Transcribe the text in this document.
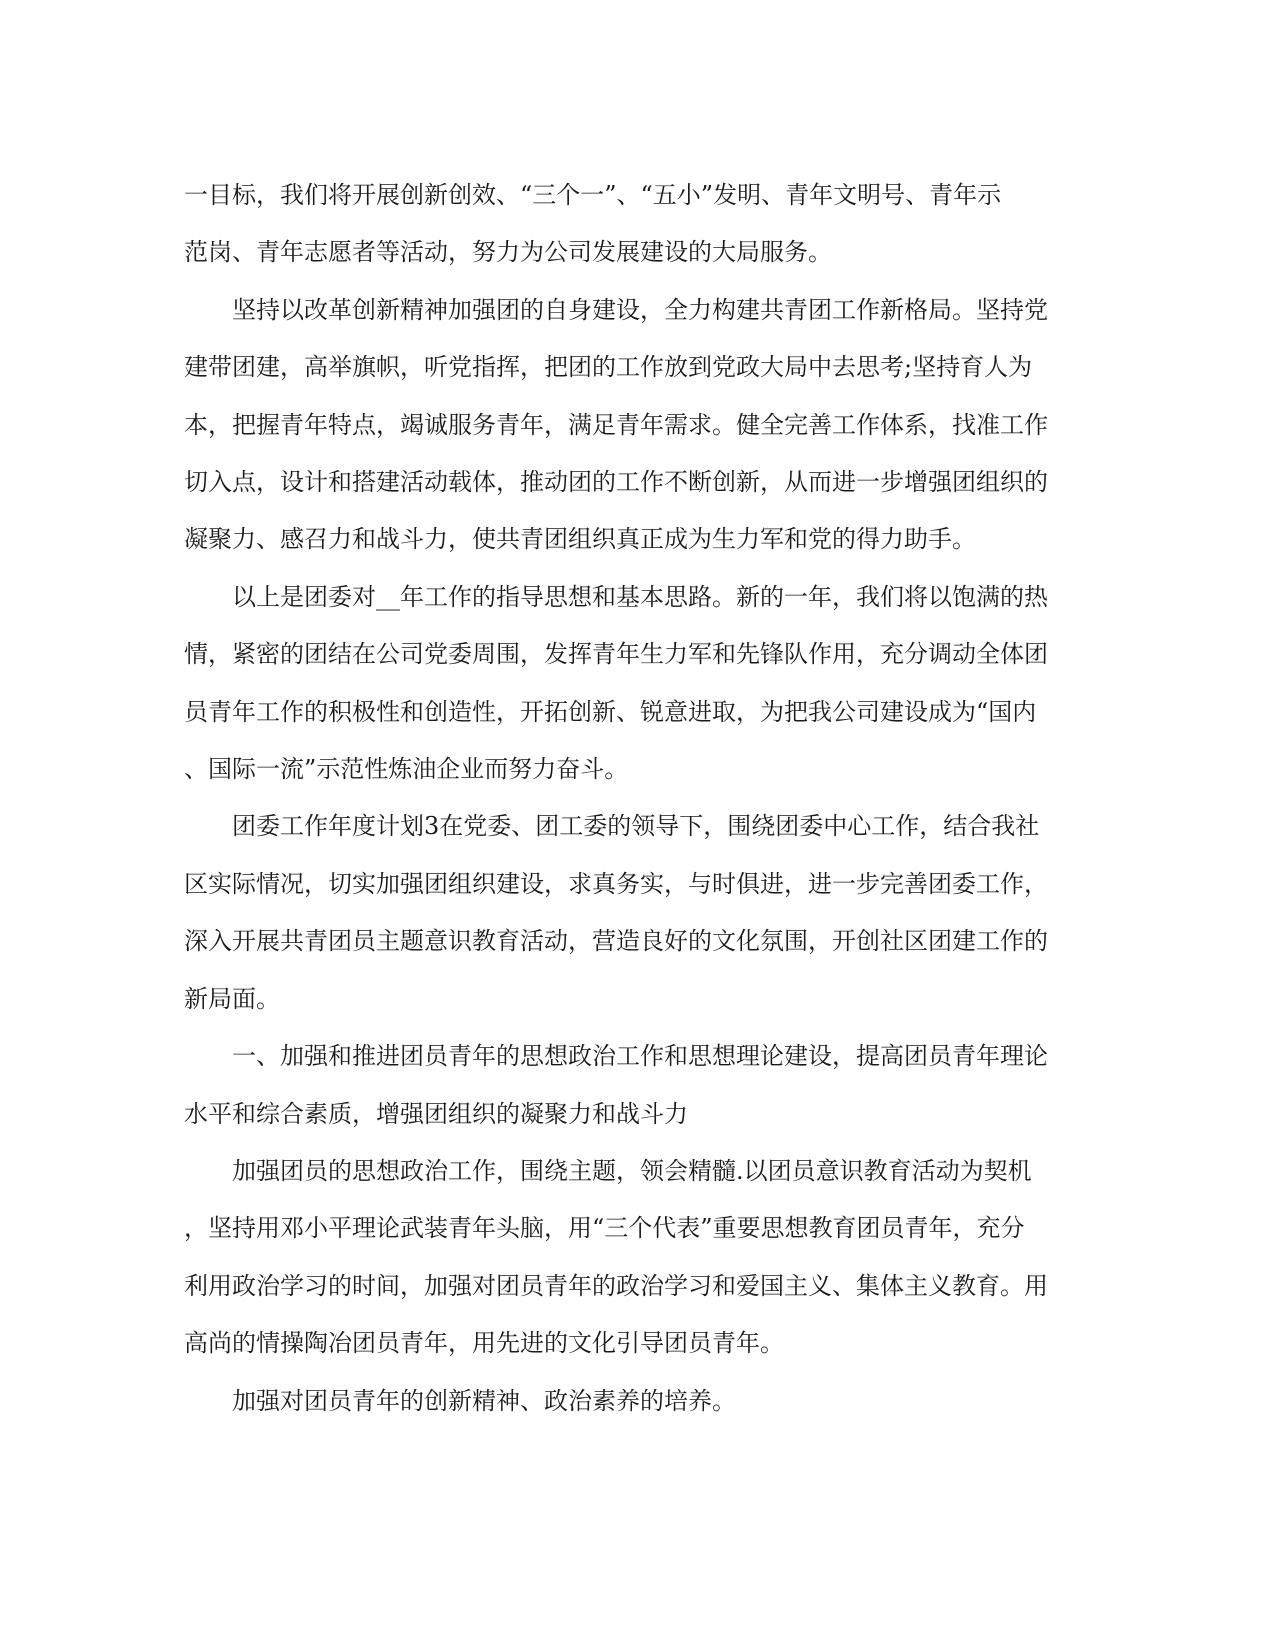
一目标，我们将开展创新创效、“三个一”、“五小”发明、青年文明号、青年示
范岗、青年志愿者等活动，努力为公司发展建设的大局服务。

坚持以改革创新精神加强团的自身建设，全力构建共青团工作新格局。坚持党
建带团建，高举旗帜，听党指挥，把团的工作放到党政大局中去思考;坚持育人为
本，把握青年特点，竭诚服务青年，满足青年需求。健全完善工作体系，找准工作
切入点，设计和搭建活动载体，推动团的工作不断创新，从而进一步增强团组织的
凝聚力、感召力和战斗力，使共青团组织真正成为生力军和党的得力助手。

以上是团委对__年工作的指导思想和基本思路。新的一年，我们将以饱满的热
情，紧密的团结在公司党委周围，发挥青年生力军和先锋队作用，充分调动全体团
员青年工作的积极性和创造性，开拓创新、锐意进取，为把我公司建设成为“国内
、国际一流”示范性炼油企业而努力奋斗。

团委工作年度计划3在党委、团工委的领导下，围绕团委中心工作，结合我社
区实际情况，切实加强团组织建设，求真务实，与时俱进，进一步完善团委工作，
深入开展共青团员主题意识教育活动，营造良好的文化氛围，开创社区团建工作的
新局面。

一、加强和推进团员青年的思想政治工作和思想理论建设，提高团员青年理论
水平和综合素质，增强团组织的凝聚力和战斗力

加强团员的思想政治工作，围绕主题，领会精髓.以团员意识教育活动为契机
，坚持用邓小平理论武装青年头脑，用“三个代表”重要思想教育团员青年，充分
利用政治学习的时间，加强对团员青年的政治学习和爱国主义、集体主义教育。用
高尚的情操陶冶团员青年，用先进的文化引导团员青年。

加强对团员青年的创新精神、政治素养的培养。
